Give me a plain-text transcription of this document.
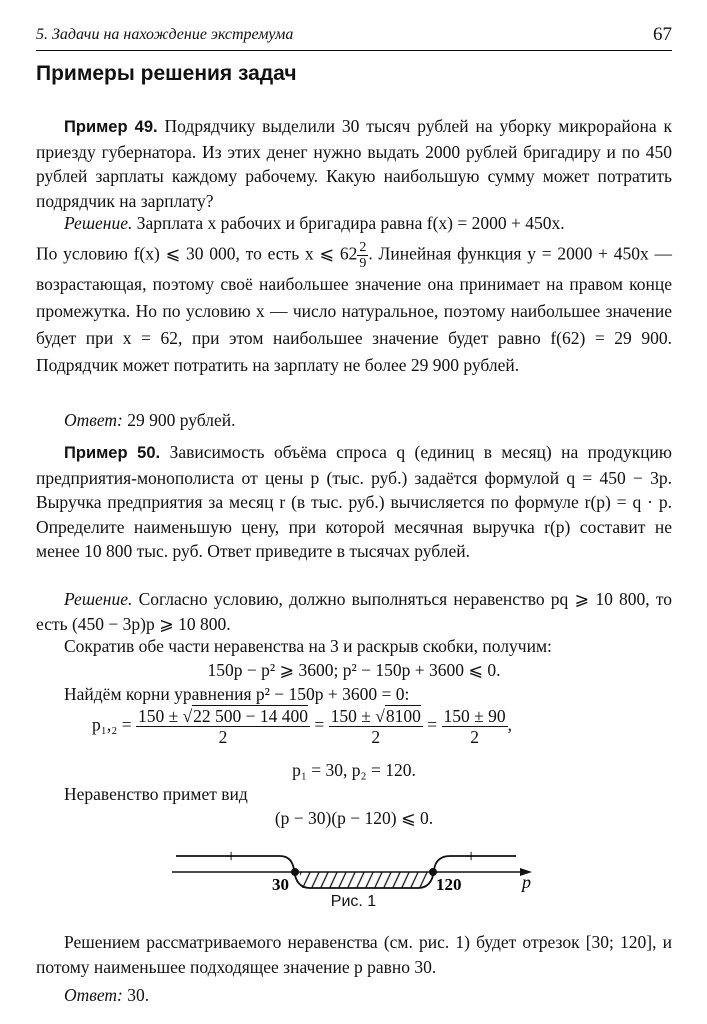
5. Задачи на нахождение экстремума	67
Примеры решения задач
Пример 49. Подрядчику выделили 30 тысяч рублей на уборку микрорайона к приезду губернатора. Из этих денег нужно выдать 2000 рублей бригадиру и по 450 рублей зарплаты каждому рабочему. Какую наибольшую сумму может потратить подрядчик на зарплату?
Решение. Зарплата x рабочих и бригадира равна f(x) = 2000 + 450x.
По условию f(x) ⩽ 30 000, то есть x ⩽ $62 \frac{2}{9}$ . Линейная функция y = 2000 + 450x — возрастающая, поэтому своё наибольшее значение она принимает на правом конце промежутка. Но по условию x — число натуральное, поэтому наибольшее значение будет при x = 62, при этом наибольшее значение будет равно f(62) = 29 900. Подрядчик может потратить на зарплату не более 29 900 рублей.
Ответ: 29 900 рублей.
Пример 50. Зависимость объёма спроса q (единиц в месяц) на продукцию предприятия-монополиста от цены p (тыс. руб.) задаётся формулой q = 450 − 3p. Выручка предприятия за месяц r (в тыс. руб.) вычисляется по формуле r(p) = q · p. Определите наименьшую цену, при которой месячная выручка r(p) составит не менее 10 800 тыс. руб. Ответ приведите в тысячах рублей.
Решение. Согласно условию, должно выполняться неравенство pq ⩾ 10 800, то есть (450 − 3p)p ⩾ 10 800.
Сократив обе части неравенства на 3 и раскрыв скобки, получим:
150p − p² ⩾ 3600; p² − 150p + 3600 ⩽ 0.
Найдём корни уравнения p² − 150p + 3600 = 0:
$p_1,_2 = \frac{150 \pm √22 500 - 14 400}{2} = \frac{150 \pm √8100}{2} = \frac{150 \pm 90}{2}$ ,
p₁ = 30, p₂ = 120.
Неравенство примет вид
(p − 30)(p − 120) ⩽ 0.
+	+
30	120	p
Рис. 1
Решением рассматриваемого неравенства (см. рис. 1) будет отрезок [30; 120], и потому наименьшее подходящее значение p равно 30.
Ответ: 30.
